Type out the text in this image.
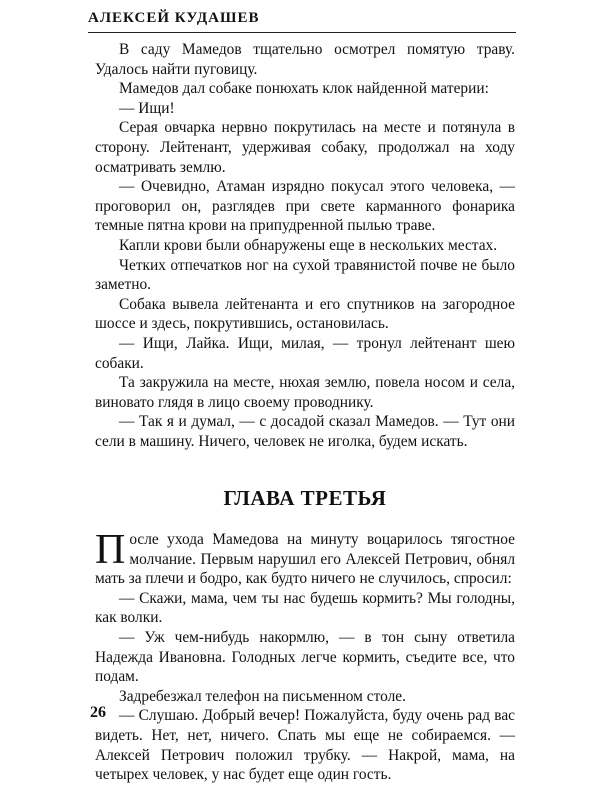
АЛЕКСЕЙ КУДАШЕВ

В саду Мамедов тщательно осмотрел помятую траву. Удалось найти пуговицу.

Мамедов дал собаке понюхать клок найденной материи:

— Ищи!

Серая овчарка нервно покрутилась на месте и потянула в сторону. Лейтенант, удерживая собаку, продолжал на ходу осматривать землю.

— Очевидно, Атаман изрядно покусал этого человека, — проговорил он, разглядев при свете карманного фонарика темные пятна крови на припудренной пылью траве.

Капли крови были обнаружены еще в нескольких местах.

Четких отпечатков ног на сухой травянистой почве не было заметно.

Собака вывела лейтенанта и его спутников на загородное шоссе и здесь, покрутившись, остановилась.

— Ищи, Лайка. Ищи, милая, — тронул лейтенант шею собаки.

Та закружила на месте, нюхая землю, повела носом и села, виновато глядя в лицо своему проводнику.

— Так я и думал, — с досадой сказал Мамедов. — Тут они сели в машину. Ничего, человек не иголка, будем искать.

ГЛАВА ТРЕТЬЯ

После ухода Мамедова на минуту воцарилось тягостное молчание. Первым нарушил его Алексей Петрович, обнял мать за плечи и бодро, как будто ничего не случилось, спросил:

— Скажи, мама, чем ты нас будешь кормить? Мы голодны, как волки.

— Уж чем-нибудь накормлю, — в тон сыну ответила Надежда Ивановна. Голодных легче кормить, съедите все, что подам.

Задребезжал телефон на письменном столе.

— Слушаю. Добрый вечер! Пожалуйста, буду очень рад вас видеть. Нет, нет, ничего. Спать мы еще не собираемся. — Алексей Петрович положил трубку. — Накрой, мама, на четырех человек, у нас будет еще один гость.

26
